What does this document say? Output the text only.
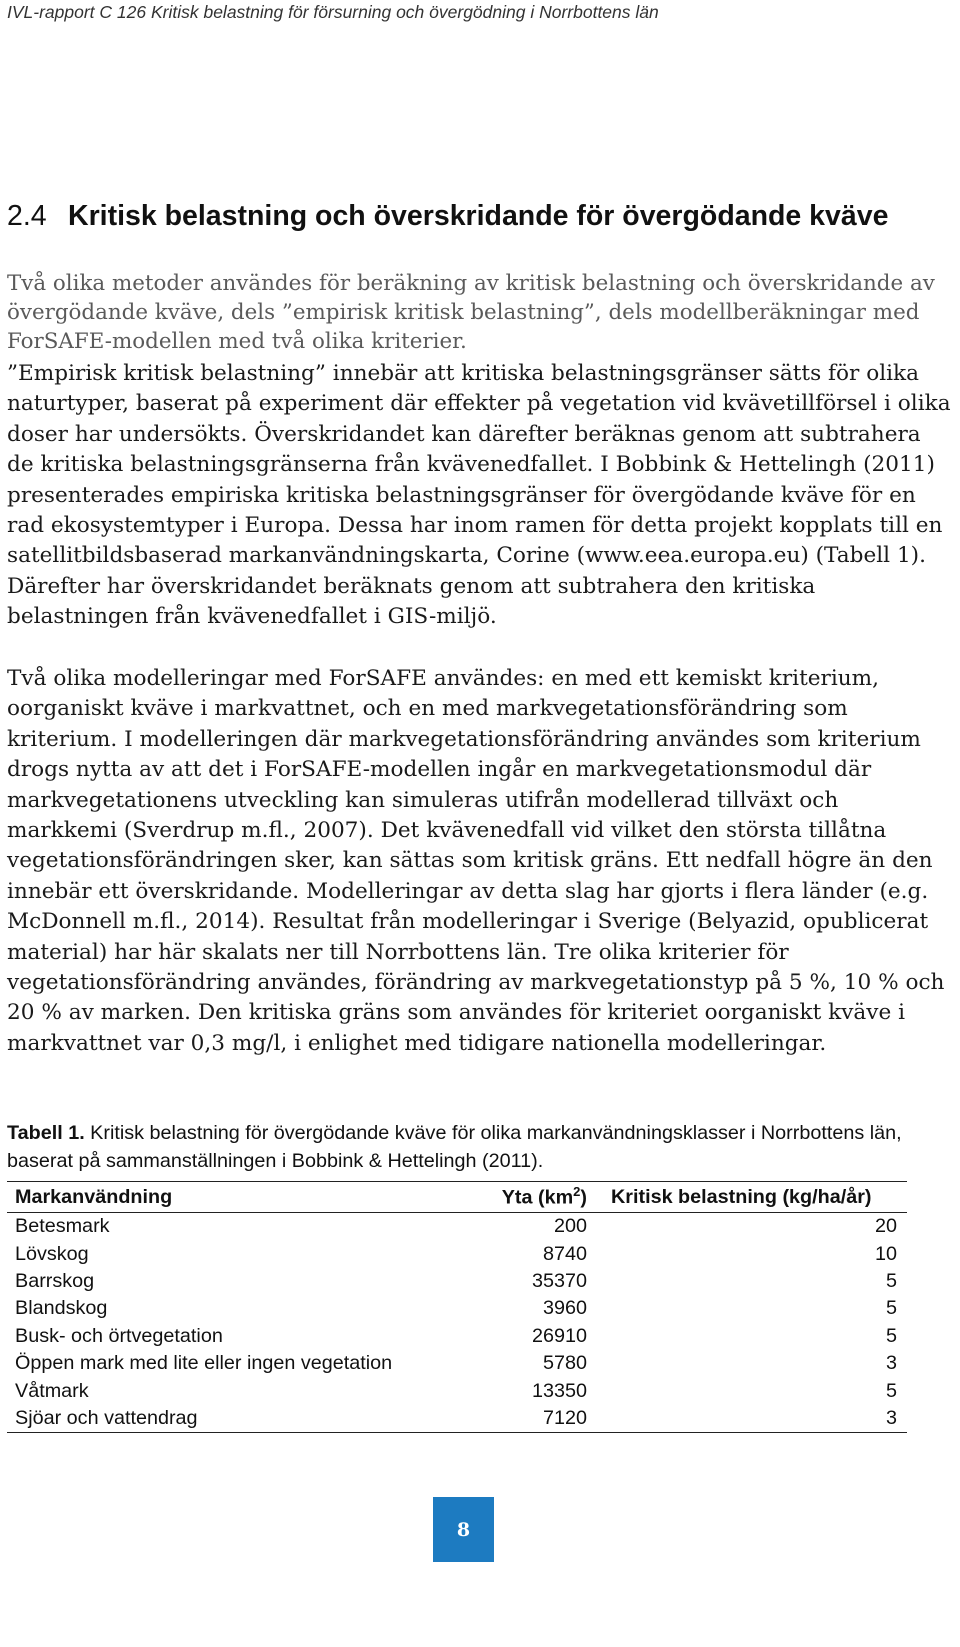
IVL-rapport C 126 Kritisk belastning för försurning och övergödning i Norrbottens län
2.4 Kritisk belastning och överskridande för övergödande kväve

Två olika metoder användes för beräkning av kritisk belastning och överskridande av övergödande kväve, dels ”empirisk kritisk belastning”, dels modellberäkningar med ForSAFE-modellen med två olika kriterier.

”Empirisk kritisk belastning” innebär att kritiska belastningsgränser sätts för olika naturtyper, baserat på experiment där effekter på vegetation vid kvävetillförsel i olika doser har undersökts. Överskridandet kan därefter beräknas genom att subtrahera de kritiska belastningsgränserna från kvävenedfallet. I Bobbink & Hettelingh (2011) presenterades empiriska kritiska belastningsgränser för övergödande kväve för en rad ekosystemtyper i Europa. Dessa har inom ramen för detta projekt kopplats till en satellitbildsbaserad markanvändningskarta, Corine (www.eea.europa.eu) (Tabell 1). Därefter har överskridandet beräknats genom att subtrahera den kritiska belastningen från kvävenedfallet i GIS-miljö.

Två olika modelleringar med ForSAFE användes: en med ett kemiskt kriterium, oorganiskt kväve i markvattnet, och en med markvegetationsförändring som kriterium. I modelleringen där markvegetationsförändring användes som kriterium drogs nytta av att det i ForSAFE-modellen ingår en markvegetationsmodul där markvegetationens utveckling kan simuleras utifrån modellerad tillväxt och markkemi (Sverdrup m.fl., 2007). Det kvävenedfall vid vilket den största tillåtna vegetationsförändringen sker, kan sättas som kritisk gräns. Ett nedfall högre än den innebär ett överskridande. Modelleringar av detta slag har gjorts i flera länder (e.g. McDonnell m.fl., 2014). Resultat från modelleringar i Sverige (Belyazid, opublicerat material) har här skalats ner till Norrbottens län. Tre olika kriterier för vegetationsförändring användes, förändring av markvegetationstyp på 5 %, 10 % och 20 % av marken. Den kritiska gräns som användes för kriteriet oorganiskt kväve i markvattnet var 0,3 mg/l, i enlighet med tidigare nationella modelleringar.

Tabell 1. Kritisk belastning för övergödande kväve för olika markanvändningsklasser i Norrbottens län, baserat på sammanställningen i Bobbink & Hettelingh (2011).

Markanvändning	Yta $(km^2)$	Kritisk belastning (kg/ha/år)
Betesmark	200	20
Lövskog	8740	10
Barrskog	35370	5
Blandskog	3960	5
Busk- och örtvegetation	26910	5
Öppen mark med lite eller ingen vegetation	5780	3
Våtmark	13350	5
Sjöar och vattendrag	7120	3
8
